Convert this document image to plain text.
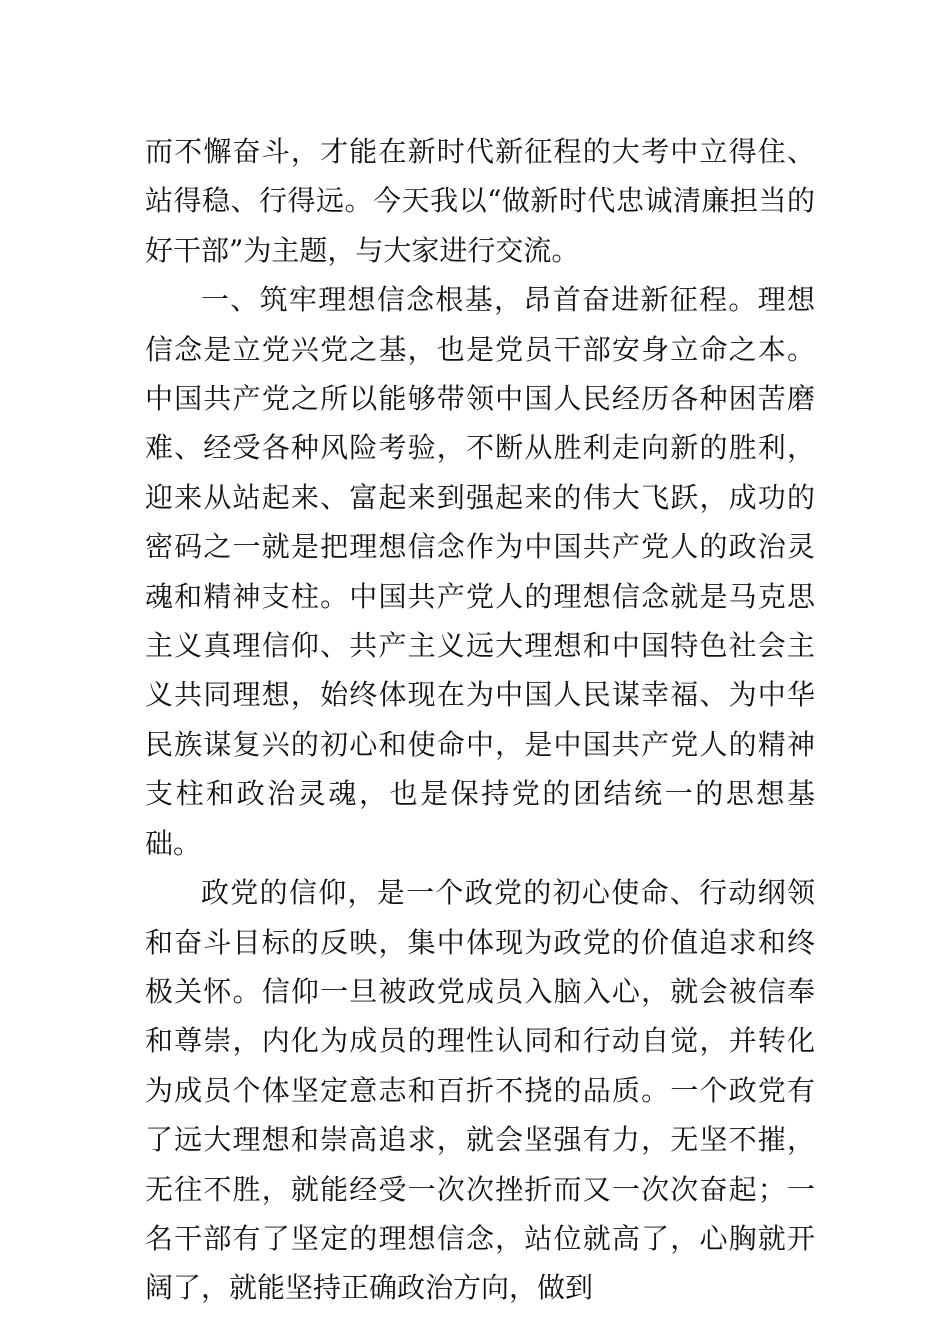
而不懈奋斗，才能在新时代新征程的大考中立得住、站得稳、行得远。今天我以“做新时代忠诚清廉担当的好干部”为主题，与大家进行交流。

一、筑牢理想信念根基，昂首奋进新征程。理想信念是立党兴党之基，也是党员干部安身立命之本。中国共产党之所以能够带领中国人民经历各种困苦磨难、经受各种风险考验，不断从胜利走向新的胜利，迎来从站起来、富起来到强起来的伟大飞跃，成功的密码之一就是把理想信念作为中国共产党人的政治灵魂和精神支柱。中国共产党人的理想信念就是马克思主义真理信仰、共产主义远大理想和中国特色社会主义共同理想，始终体现在为中国人民谋幸福、为中华民族谋复兴的初心和使命中，是中国共产党人的精神支柱和政治灵魂，也是保持党的团结统一的思想基础。

政党的信仰，是一个政党的初心使命、行动纲领和奋斗目标的反映，集中体现为政党的价值追求和终极关怀。信仰一旦被政党成员入脑入心，就会被信奉和尊崇，内化为成员的理性认同和行动自觉，并转化为成员个体坚定意志和百折不挠的品质。一个政党有了远大理想和崇高追求，就会坚强有力，无坚不摧，无往不胜，就能经受一次次挫折而又一次次奋起；一名干部有了坚定的理想信念，站位就高了，心胸就开阔了，就能坚持正确政治方向，做到
